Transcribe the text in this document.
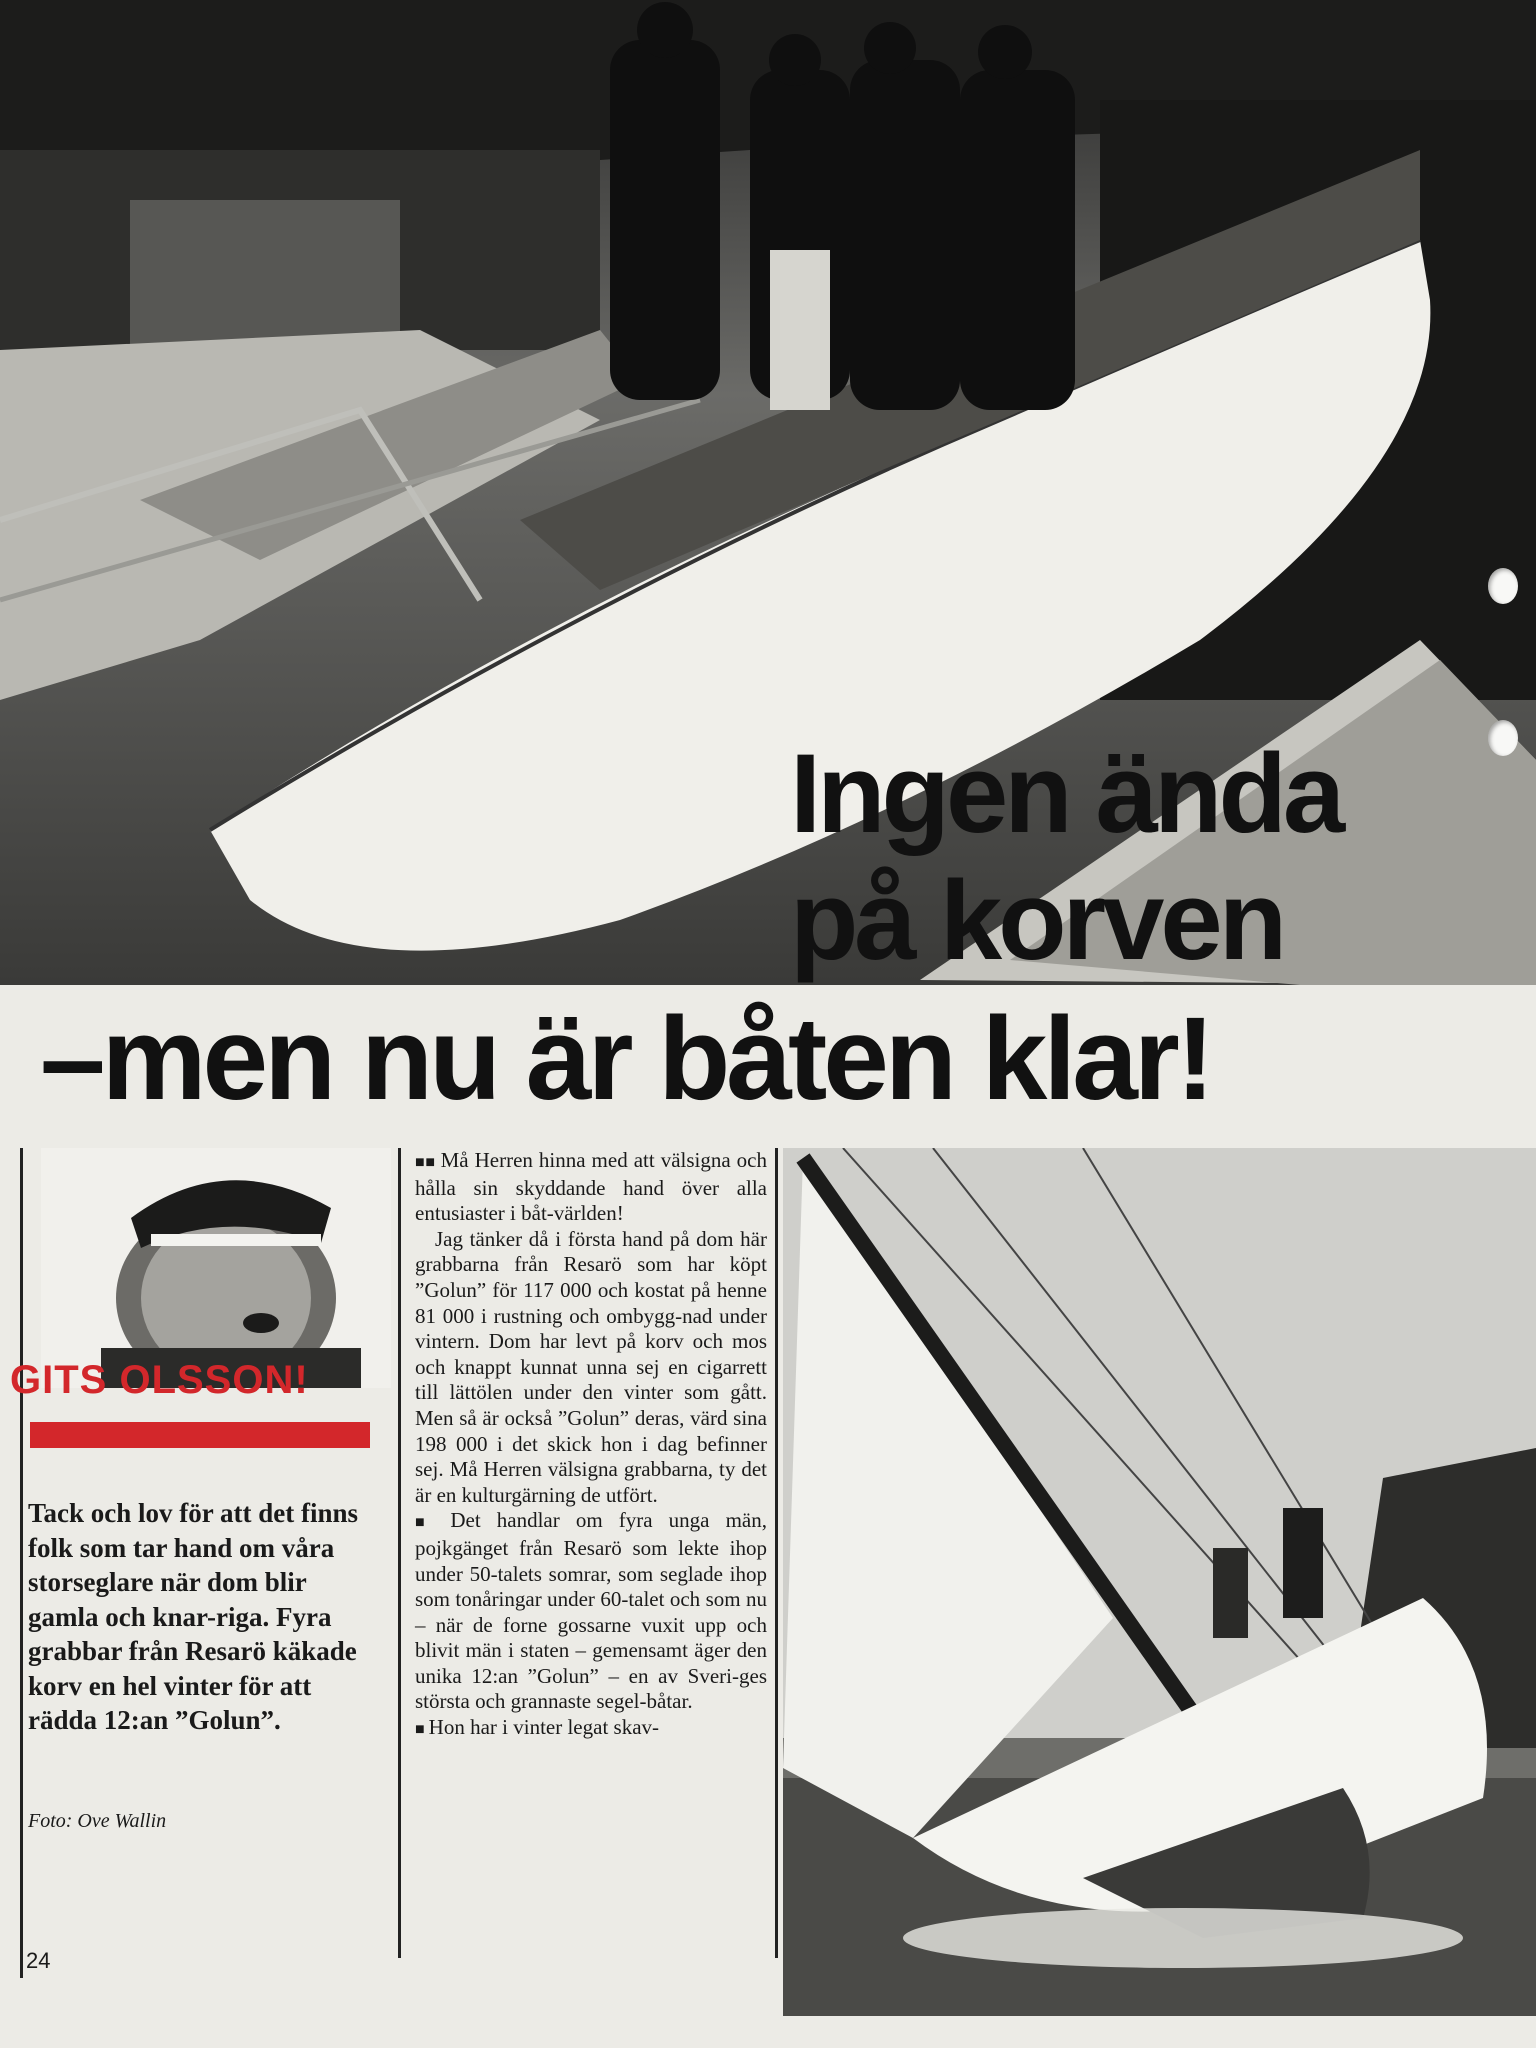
Ingen ända
på korven
–men nu är båten klar!
GITS OLSSON!
Tack och lov för att det finns folk som tar hand om våra storseglare när dom blir gamla och knar-riga. Fyra grabbar från Resarö käkade korv en hel vinter för att rädda 12:an ”Golun”.
Foto: Ove Wallin
24

■■ Må Herren hinna med att välsigna och hålla sin skyddande hand över alla entusiaster i båt-världen!

Jag tänker då i första hand på dom här grabbarna från Resarö som har köpt ”Golun” för 117 000 och kostat på henne 81 000 i rustning och ombygg-nad under vintern. Dom har levt på korv och mos och knappt kunnat unna sej en cigarrett till lättölen under den vinter som gått. Men så är också ”Golun” deras, värd sina 198 000 i det skick hon i dag befinner sej. Må Herren välsigna grabbarna, ty det är en kulturgärning de utfört.

■ Det handlar om fyra unga män, pojkgänget från Resarö som lekte ihop under 50-talets somrar, som seglade ihop som tonåringar under 60-talet och som nu – när de forne gossarne vuxit upp och blivit män i staten – gemensamt äger den unika 12:an ”Golun” – en av Sveri-ges största och grannaste segel-båtar.

■ Hon har i vinter legat skav-
